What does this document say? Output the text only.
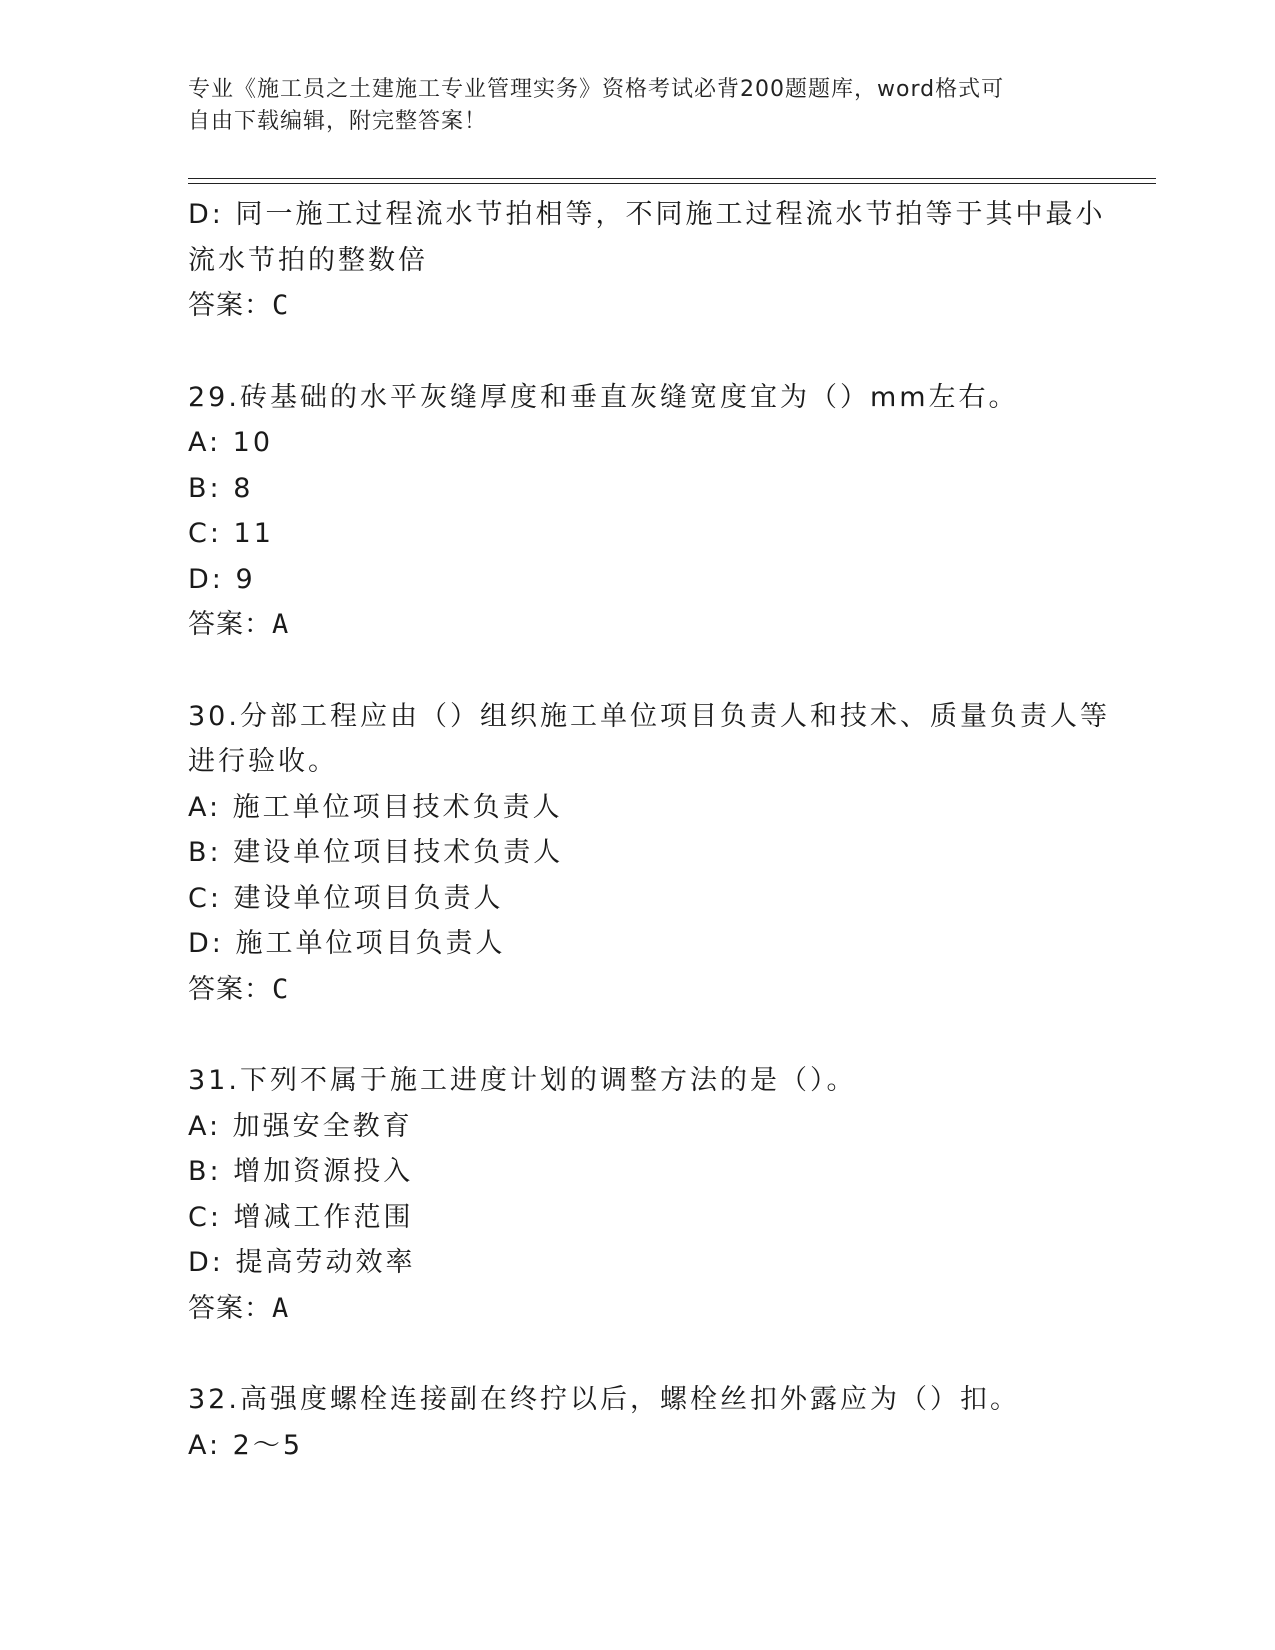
专业《施工员之土建施工专业管理实务》资格考试必背200题题库，word格式可
自由下载编辑，附完整答案！
D: 同一施工过程流水节拍相等，不同施工过程流水节拍等于其中最小
流水节拍的整数倍
答案：C
29.砖基础的水平灰缝厚度和垂直灰缝宽度宜为（）mm左右。
A: 10
B: 8
C: 11
D: 9
答案：A
30.分部工程应由（）组织施工单位项目负责人和技术、质量负责人等
进行验收。
A: 施工单位项目技术负责人
B: 建设单位项目技术负责人
C: 建设单位项目负责人
D: 施工单位项目负责人
答案：C
31.下列不属于施工进度计划的调整方法的是（）。
A: 加强安全教育
B: 增加资源投入
C: 增减工作范围
D: 提高劳动效率
答案：A
32.高强度螺栓连接副在终拧以后，螺栓丝扣外露应为（）扣。
A: 2～5
